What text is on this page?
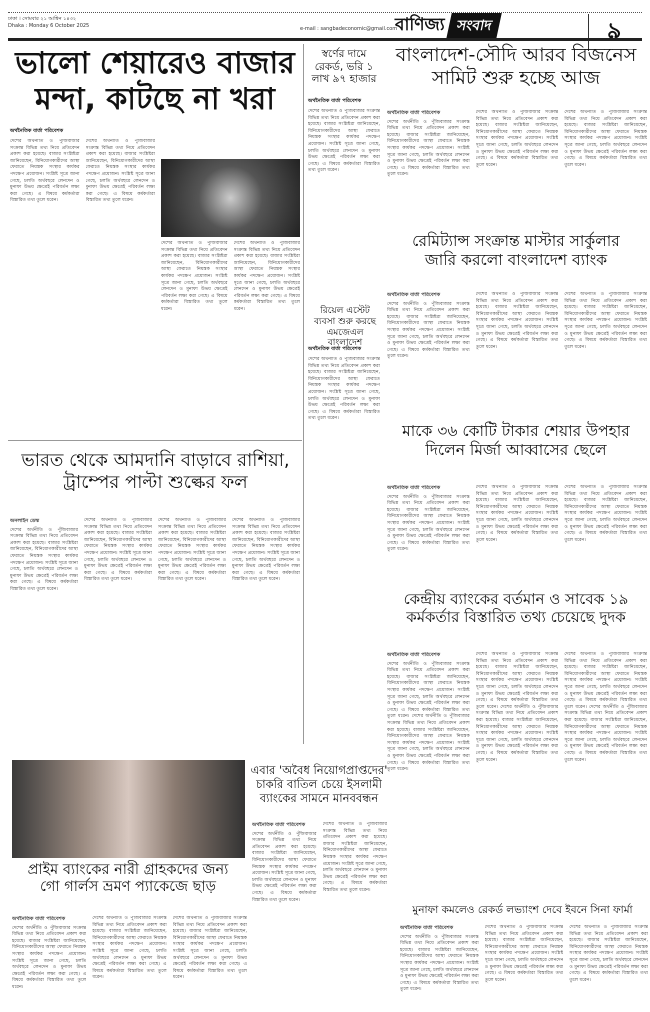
ঢাকা । সোমবার ২১ আশ্বিন ১৪৩২
Dhaka : Monday 6 October 2025	e-mail : sangbadeconomic@gmail.com
বাণিজ্য সংবাদ	৯
ভালো শেয়ারেও বাজার
মন্দা, কাটছে না খরা
অর্থনৈতিক বার্তা পরিবেশক
দেশের অর্থনীতি ও পুঁজিবাজার সংক্রান্ত বিভিন্ন তথ্য নিয়ে প্রতিবেদন প্রকাশ করা হয়েছে। বাজার সংশ্লিষ্টরা জানিয়েছেন, বিনিয়োগকারীদের আস্থা ফেরাতে নিয়ন্ত্রক সংস্থার কার্যকর পদক্ষেপ প্রয়োজন। সংশ্লিষ্ট সূত্রে জানা গেছে, চলতি অর্থবছরে লেনদেন ও মুনাফা উভয় ক্ষেত্রেই পরিবর্তন লক্ষ্য করা গেছে। এ বিষয়ে কর্মকর্তারা বিস্তারিত তথ্য তুলে ধরেন।
দেশের অর্থনীতি ও পুঁজিবাজার সংক্রান্ত বিভিন্ন তথ্য নিয়ে প্রতিবেদন প্রকাশ করা হয়েছে। বাজার সংশ্লিষ্টরা জানিয়েছেন, বিনিয়োগকারীদের আস্থা ফেরাতে নিয়ন্ত্রক সংস্থার কার্যকর পদক্ষেপ প্রয়োজন। সংশ্লিষ্ট সূত্রে জানা গেছে, চলতি অর্থবছরে লেনদেন ও মুনাফা উভয় ক্ষেত্রেই পরিবর্তন লক্ষ্য করা গেছে। এ বিষয়ে কর্মকর্তারা বিস্তারিত তথ্য তুলে ধরেন।
দেশের অর্থনীতি ও পুঁজিবাজার সংক্রান্ত বিভিন্ন তথ্য নিয়ে প্রতিবেদন প্রকাশ করা হয়েছে। বাজার সংশ্লিষ্টরা জানিয়েছেন, বিনিয়োগকারীদের আস্থা ফেরাতে নিয়ন্ত্রক সংস্থার কার্যকর পদক্ষেপ প্রয়োজন। সংশ্লিষ্ট সূত্রে জানা গেছে, চলতি অর্থবছরে লেনদেন ও মুনাফা উভয় ক্ষেত্রেই পরিবর্তন লক্ষ্য করা গেছে। এ বিষয়ে কর্মকর্তারা বিস্তারিত তথ্য তুলে ধরেন।
দেশের অর্থনীতি ও পুঁজিবাজার সংক্রান্ত বিভিন্ন তথ্য নিয়ে প্রতিবেদন প্রকাশ করা হয়েছে। বাজার সংশ্লিষ্টরা জানিয়েছেন, বিনিয়োগকারীদের আস্থা ফেরাতে নিয়ন্ত্রক সংস্থার কার্যকর পদক্ষেপ প্রয়োজন। সংশ্লিষ্ট সূত্রে জানা গেছে, চলতি অর্থবছরে লেনদেন ও মুনাফা উভয় ক্ষেত্রেই পরিবর্তন লক্ষ্য করা গেছে। এ বিষয়ে কর্মকর্তারা বিস্তারিত তথ্য তুলে ধরেন।
স্বর্ণের দামে রেকর্ড, ভরি ১ লাখ ৯৭ হাজার
অর্থনৈতিক বার্তা পরিবেশক
দেশের অর্থনীতি ও পুঁজিবাজার সংক্রান্ত বিভিন্ন তথ্য নিয়ে প্রতিবেদন প্রকাশ করা হয়েছে। বাজার সংশ্লিষ্টরা জানিয়েছেন, বিনিয়োগকারীদের আস্থা ফেরাতে নিয়ন্ত্রক সংস্থার কার্যকর পদক্ষেপ প্রয়োজন। সংশ্লিষ্ট সূত্রে জানা গেছে, চলতি অর্থবছরে লেনদেন ও মুনাফা উভয় ক্ষেত্রেই পরিবর্তন লক্ষ্য করা গেছে। এ বিষয়ে কর্মকর্তারা বিস্তারিত তথ্য তুলে ধরেন।
রিয়েল এস্টেট ব্যবসা শুরু করছে এমজেএল বাংলাদেশ
অর্থনৈতিক বার্তা পরিবেশক
দেশের অর্থনীতি ও পুঁজিবাজার সংক্রান্ত বিভিন্ন তথ্য নিয়ে প্রতিবেদন প্রকাশ করা হয়েছে। বাজার সংশ্লিষ্টরা জানিয়েছেন, বিনিয়োগকারীদের আস্থা ফেরাতে নিয়ন্ত্রক সংস্থার কার্যকর পদক্ষেপ প্রয়োজন। সংশ্লিষ্ট সূত্রে জানা গেছে, চলতি অর্থবছরে লেনদেন ও মুনাফা উভয় ক্ষেত্রেই পরিবর্তন লক্ষ্য করা গেছে। এ বিষয়ে কর্মকর্তারা বিস্তারিত তথ্য তুলে ধরেন।
বাংলাদেশ-সৌদি আরব বিজনেস
সামিট শুরু হচ্ছে আজ
অর্থনৈতিক বার্তা পরিবেশক
দেশের অর্থনীতি ও পুঁজিবাজার সংক্রান্ত বিভিন্ন তথ্য নিয়ে প্রতিবেদন প্রকাশ করা হয়েছে। বাজার সংশ্লিষ্টরা জানিয়েছেন, বিনিয়োগকারীদের আস্থা ফেরাতে নিয়ন্ত্রক সংস্থার কার্যকর পদক্ষেপ প্রয়োজন। সংশ্লিষ্ট সূত্রে জানা গেছে, চলতি অর্থবছরে লেনদেন ও মুনাফা উভয় ক্ষেত্রেই পরিবর্তন লক্ষ্য করা গেছে। এ বিষয়ে কর্মকর্তারা বিস্তারিত তথ্য তুলে ধরেন।
দেশের অর্থনীতি ও পুঁজিবাজার সংক্রান্ত বিভিন্ন তথ্য নিয়ে প্রতিবেদন প্রকাশ করা হয়েছে। বাজার সংশ্লিষ্টরা জানিয়েছেন, বিনিয়োগকারীদের আস্থা ফেরাতে নিয়ন্ত্রক সংস্থার কার্যকর পদক্ষেপ প্রয়োজন। সংশ্লিষ্ট সূত্রে জানা গেছে, চলতি অর্থবছরে লেনদেন ও মুনাফা উভয় ক্ষেত্রেই পরিবর্তন লক্ষ্য করা গেছে। এ বিষয়ে কর্মকর্তারা বিস্তারিত তথ্য তুলে ধরেন।
দেশের অর্থনীতি ও পুঁজিবাজার সংক্রান্ত বিভিন্ন তথ্য নিয়ে প্রতিবেদন প্রকাশ করা হয়েছে। বাজার সংশ্লিষ্টরা জানিয়েছেন, বিনিয়োগকারীদের আস্থা ফেরাতে নিয়ন্ত্রক সংস্থার কার্যকর পদক্ষেপ প্রয়োজন। সংশ্লিষ্ট সূত্রে জানা গেছে, চলতি অর্থবছরে লেনদেন ও মুনাফা উভয় ক্ষেত্রেই পরিবর্তন লক্ষ্য করা গেছে। এ বিষয়ে কর্মকর্তারা বিস্তারিত তথ্য তুলে ধরেন।
রেমিট্যান্স সংক্রান্ত মাস্টার সার্কুলার
জারি করলো বাংলাদেশ ব্যাংক
অর্থনৈতিক বার্তা পরিবেশক
দেশের অর্থনীতি ও পুঁজিবাজার সংক্রান্ত বিভিন্ন তথ্য নিয়ে প্রতিবেদন প্রকাশ করা হয়েছে। বাজার সংশ্লিষ্টরা জানিয়েছেন, বিনিয়োগকারীদের আস্থা ফেরাতে নিয়ন্ত্রক সংস্থার কার্যকর পদক্ষেপ প্রয়োজন। সংশ্লিষ্ট সূত্রে জানা গেছে, চলতি অর্থবছরে লেনদেন ও মুনাফা উভয় ক্ষেত্রেই পরিবর্তন লক্ষ্য করা গেছে। এ বিষয়ে কর্মকর্তারা বিস্তারিত তথ্য তুলে ধরেন।
দেশের অর্থনীতি ও পুঁজিবাজার সংক্রান্ত বিভিন্ন তথ্য নিয়ে প্রতিবেদন প্রকাশ করা হয়েছে। বাজার সংশ্লিষ্টরা জানিয়েছেন, বিনিয়োগকারীদের আস্থা ফেরাতে নিয়ন্ত্রক সংস্থার কার্যকর পদক্ষেপ প্রয়োজন। সংশ্লিষ্ট সূত্রে জানা গেছে, চলতি অর্থবছরে লেনদেন ও মুনাফা উভয় ক্ষেত্রেই পরিবর্তন লক্ষ্য করা গেছে। এ বিষয়ে কর্মকর্তারা বিস্তারিত তথ্য তুলে ধরেন।
দেশের অর্থনীতি ও পুঁজিবাজার সংক্রান্ত বিভিন্ন তথ্য নিয়ে প্রতিবেদন প্রকাশ করা হয়েছে। বাজার সংশ্লিষ্টরা জানিয়েছেন, বিনিয়োগকারীদের আস্থা ফেরাতে নিয়ন্ত্রক সংস্থার কার্যকর পদক্ষেপ প্রয়োজন। সংশ্লিষ্ট সূত্রে জানা গেছে, চলতি অর্থবছরে লেনদেন ও মুনাফা উভয় ক্ষেত্রেই পরিবর্তন লক্ষ্য করা গেছে। এ বিষয়ে কর্মকর্তারা বিস্তারিত তথ্য তুলে ধরেন।
মাকে ৩৬ কোটি টাকার শেয়ার উপহার
দিলেন মির্জা আব্বাসের ছেলে
অর্থনৈতিক বার্তা পরিবেশক
দেশের অর্থনীতি ও পুঁজিবাজার সংক্রান্ত বিভিন্ন তথ্য নিয়ে প্রতিবেদন প্রকাশ করা হয়েছে। বাজার সংশ্লিষ্টরা জানিয়েছেন, বিনিয়োগকারীদের আস্থা ফেরাতে নিয়ন্ত্রক সংস্থার কার্যকর পদক্ষেপ প্রয়োজন। সংশ্লিষ্ট সূত্রে জানা গেছে, চলতি অর্থবছরে লেনদেন ও মুনাফা উভয় ক্ষেত্রেই পরিবর্তন লক্ষ্য করা গেছে। এ বিষয়ে কর্মকর্তারা বিস্তারিত তথ্য তুলে ধরেন।
দেশের অর্থনীতি ও পুঁজিবাজার সংক্রান্ত বিভিন্ন তথ্য নিয়ে প্রতিবেদন প্রকাশ করা হয়েছে। বাজার সংশ্লিষ্টরা জানিয়েছেন, বিনিয়োগকারীদের আস্থা ফেরাতে নিয়ন্ত্রক সংস্থার কার্যকর পদক্ষেপ প্রয়োজন। সংশ্লিষ্ট সূত্রে জানা গেছে, চলতি অর্থবছরে লেনদেন ও মুনাফা উভয় ক্ষেত্রেই পরিবর্তন লক্ষ্য করা গেছে। এ বিষয়ে কর্মকর্তারা বিস্তারিত তথ্য তুলে ধরেন।
দেশের অর্থনীতি ও পুঁজিবাজার সংক্রান্ত বিভিন্ন তথ্য নিয়ে প্রতিবেদন প্রকাশ করা হয়েছে। বাজার সংশ্লিষ্টরা জানিয়েছেন, বিনিয়োগকারীদের আস্থা ফেরাতে নিয়ন্ত্রক সংস্থার কার্যকর পদক্ষেপ প্রয়োজন। সংশ্লিষ্ট সূত্রে জানা গেছে, চলতি অর্থবছরে লেনদেন ও মুনাফা উভয় ক্ষেত্রেই পরিবর্তন লক্ষ্য করা গেছে। এ বিষয়ে কর্মকর্তারা বিস্তারিত তথ্য তুলে ধরেন।
ভারত থেকে আমদানি বাড়াবে রাশিয়া,
ট্রাম্পের পাল্টা শুল্কের ফল
অনলাইন ডেস্ক
দেশের অর্থনীতি ও পুঁজিবাজার সংক্রান্ত বিভিন্ন তথ্য নিয়ে প্রতিবেদন প্রকাশ করা হয়েছে। বাজার সংশ্লিষ্টরা জানিয়েছেন, বিনিয়োগকারীদের আস্থা ফেরাতে নিয়ন্ত্রক সংস্থার কার্যকর পদক্ষেপ প্রয়োজন। সংশ্লিষ্ট সূত্রে জানা গেছে, চলতি অর্থবছরে লেনদেন ও মুনাফা উভয় ক্ষেত্রেই পরিবর্তন লক্ষ্য করা গেছে। এ বিষয়ে কর্মকর্তারা বিস্তারিত তথ্য তুলে ধরেন।
দেশের অর্থনীতি ও পুঁজিবাজার সংক্রান্ত বিভিন্ন তথ্য নিয়ে প্রতিবেদন প্রকাশ করা হয়েছে। বাজার সংশ্লিষ্টরা জানিয়েছেন, বিনিয়োগকারীদের আস্থা ফেরাতে নিয়ন্ত্রক সংস্থার কার্যকর পদক্ষেপ প্রয়োজন। সংশ্লিষ্ট সূত্রে জানা গেছে, চলতি অর্থবছরে লেনদেন ও মুনাফা উভয় ক্ষেত্রেই পরিবর্তন লক্ষ্য করা গেছে। এ বিষয়ে কর্মকর্তারা বিস্তারিত তথ্য তুলে ধরেন।
দেশের অর্থনীতি ও পুঁজিবাজার সংক্রান্ত বিভিন্ন তথ্য নিয়ে প্রতিবেদন প্রকাশ করা হয়েছে। বাজার সংশ্লিষ্টরা জানিয়েছেন, বিনিয়োগকারীদের আস্থা ফেরাতে নিয়ন্ত্রক সংস্থার কার্যকর পদক্ষেপ প্রয়োজন। সংশ্লিষ্ট সূত্রে জানা গেছে, চলতি অর্থবছরে লেনদেন ও মুনাফা উভয় ক্ষেত্রেই পরিবর্তন লক্ষ্য করা গেছে। এ বিষয়ে কর্মকর্তারা বিস্তারিত তথ্য তুলে ধরেন।
দেশের অর্থনীতি ও পুঁজিবাজার সংক্রান্ত বিভিন্ন তথ্য নিয়ে প্রতিবেদন প্রকাশ করা হয়েছে। বাজার সংশ্লিষ্টরা জানিয়েছেন, বিনিয়োগকারীদের আস্থা ফেরাতে নিয়ন্ত্রক সংস্থার কার্যকর পদক্ষেপ প্রয়োজন। সংশ্লিষ্ট সূত্রে জানা গেছে, চলতি অর্থবছরে লেনদেন ও মুনাফা উভয় ক্ষেত্রেই পরিবর্তন লক্ষ্য করা গেছে। এ বিষয়ে কর্মকর্তারা বিস্তারিত তথ্য তুলে ধরেন।
কেন্দ্রীয় ব্যাংকের বর্তমান ও সাবেক ১৯
কর্মকর্তার বিস্তারিত তথ্য চেয়েছে দুদক
অর্থনৈতিক বার্তা পরিবেশক
দেশের অর্থনীতি ও পুঁজিবাজার সংক্রান্ত বিভিন্ন তথ্য নিয়ে প্রতিবেদন প্রকাশ করা হয়েছে। বাজার সংশ্লিষ্টরা জানিয়েছেন, বিনিয়োগকারীদের আস্থা ফেরাতে নিয়ন্ত্রক সংস্থার কার্যকর পদক্ষেপ প্রয়োজন। সংশ্লিষ্ট সূত্রে জানা গেছে, চলতি অর্থবছরে লেনদেন ও মুনাফা উভয় ক্ষেত্রেই পরিবর্তন লক্ষ্য করা গেছে। এ বিষয়ে কর্মকর্তারা বিস্তারিত তথ্য তুলে ধরেন। দেশের অর্থনীতি ও পুঁজিবাজার সংক্রান্ত বিভিন্ন তথ্য নিয়ে প্রতিবেদন প্রকাশ করা হয়েছে। বাজার সংশ্লিষ্টরা জানিয়েছেন, বিনিয়োগকারীদের আস্থা ফেরাতে নিয়ন্ত্রক সংস্থার কার্যকর পদক্ষেপ প্রয়োজন। সংশ্লিষ্ট সূত্রে জানা গেছে, চলতি অর্থবছরে লেনদেন ও মুনাফা উভয় ক্ষেত্রেই পরিবর্তন লক্ষ্য করা গেছে। এ বিষয়ে কর্মকর্তারা বিস্তারিত তথ্য তুলে ধরেন।
দেশের অর্থনীতি ও পুঁজিবাজার সংক্রান্ত বিভিন্ন তথ্য নিয়ে প্রতিবেদন প্রকাশ করা হয়েছে। বাজার সংশ্লিষ্টরা জানিয়েছেন, বিনিয়োগকারীদের আস্থা ফেরাতে নিয়ন্ত্রক সংস্থার কার্যকর পদক্ষেপ প্রয়োজন। সংশ্লিষ্ট সূত্রে জানা গেছে, চলতি অর্থবছরে লেনদেন ও মুনাফা উভয় ক্ষেত্রেই পরিবর্তন লক্ষ্য করা গেছে। এ বিষয়ে কর্মকর্তারা বিস্তারিত তথ্য তুলে ধরেন। দেশের অর্থনীতি ও পুঁজিবাজার সংক্রান্ত বিভিন্ন তথ্য নিয়ে প্রতিবেদন প্রকাশ করা হয়েছে। বাজার সংশ্লিষ্টরা জানিয়েছেন, বিনিয়োগকারীদের আস্থা ফেরাতে নিয়ন্ত্রক সংস্থার কার্যকর পদক্ষেপ প্রয়োজন। সংশ্লিষ্ট সূত্রে জানা গেছে, চলতি অর্থবছরে লেনদেন ও মুনাফা উভয় ক্ষেত্রেই পরিবর্তন লক্ষ্য করা গেছে। এ বিষয়ে কর্মকর্তারা বিস্তারিত তথ্য তুলে ধরেন।
দেশের অর্থনীতি ও পুঁজিবাজার সংক্রান্ত বিভিন্ন তথ্য নিয়ে প্রতিবেদন প্রকাশ করা হয়েছে। বাজার সংশ্লিষ্টরা জানিয়েছেন, বিনিয়োগকারীদের আস্থা ফেরাতে নিয়ন্ত্রক সংস্থার কার্যকর পদক্ষেপ প্রয়োজন। সংশ্লিষ্ট সূত্রে জানা গেছে, চলতি অর্থবছরে লেনদেন ও মুনাফা উভয় ক্ষেত্রেই পরিবর্তন লক্ষ্য করা গেছে। এ বিষয়ে কর্মকর্তারা বিস্তারিত তথ্য তুলে ধরেন। দেশের অর্থনীতি ও পুঁজিবাজার সংক্রান্ত বিভিন্ন তথ্য নিয়ে প্রতিবেদন প্রকাশ করা হয়েছে। বাজার সংশ্লিষ্টরা জানিয়েছেন, বিনিয়োগকারীদের আস্থা ফেরাতে নিয়ন্ত্রক সংস্থার কার্যকর পদক্ষেপ প্রয়োজন। সংশ্লিষ্ট সূত্রে জানা গেছে, চলতি অর্থবছরে লেনদেন ও মুনাফা উভয় ক্ষেত্রেই পরিবর্তন লক্ষ্য করা গেছে। এ বিষয়ে কর্মকর্তারা বিস্তারিত তথ্য তুলে ধরেন।
প্রাইম ব্যাংকের নারী গ্রাহকদের জন্য
গো গার্লস ভ্রমণ প্যাকেজে ছাড়
অর্থনৈতিক বার্তা পরিবেশক
দেশের অর্থনীতি ও পুঁজিবাজার সংক্রান্ত বিভিন্ন তথ্য নিয়ে প্রতিবেদন প্রকাশ করা হয়েছে। বাজার সংশ্লিষ্টরা জানিয়েছেন, বিনিয়োগকারীদের আস্থা ফেরাতে নিয়ন্ত্রক সংস্থার কার্যকর পদক্ষেপ প্রয়োজন। সংশ্লিষ্ট সূত্রে জানা গেছে, চলতি অর্থবছরে লেনদেন ও মুনাফা উভয় ক্ষেত্রেই পরিবর্তন লক্ষ্য করা গেছে। এ বিষয়ে কর্মকর্তারা বিস্তারিত তথ্য তুলে ধরেন।
দেশের অর্থনীতি ও পুঁজিবাজার সংক্রান্ত বিভিন্ন তথ্য নিয়ে প্রতিবেদন প্রকাশ করা হয়েছে। বাজার সংশ্লিষ্টরা জানিয়েছেন, বিনিয়োগকারীদের আস্থা ফেরাতে নিয়ন্ত্রক সংস্থার কার্যকর পদক্ষেপ প্রয়োজন। সংশ্লিষ্ট সূত্রে জানা গেছে, চলতি অর্থবছরে লেনদেন ও মুনাফা উভয় ক্ষেত্রেই পরিবর্তন লক্ষ্য করা গেছে। এ বিষয়ে কর্মকর্তারা বিস্তারিত তথ্য তুলে ধরেন।
দেশের অর্থনীতি ও পুঁজিবাজার সংক্রান্ত বিভিন্ন তথ্য নিয়ে প্রতিবেদন প্রকাশ করা হয়েছে। বাজার সংশ্লিষ্টরা জানিয়েছেন, বিনিয়োগকারীদের আস্থা ফেরাতে নিয়ন্ত্রক সংস্থার কার্যকর পদক্ষেপ প্রয়োজন। সংশ্লিষ্ট সূত্রে জানা গেছে, চলতি অর্থবছরে লেনদেন ও মুনাফা উভয় ক্ষেত্রেই পরিবর্তন লক্ষ্য করা গেছে। এ বিষয়ে কর্মকর্তারা বিস্তারিত তথ্য তুলে ধরেন।
এবার 'অবৈধ নিয়োগপ্রাপ্তদের' চাকরি বাতিল চেয়ে ইসলামী ব্যাংকের সামনে মানববন্ধন
অর্থনৈতিক বার্তা পরিবেশক
দেশের অর্থনীতি ও পুঁজিবাজার সংক্রান্ত বিভিন্ন তথ্য নিয়ে প্রতিবেদন প্রকাশ করা হয়েছে। বাজার সংশ্লিষ্টরা জানিয়েছেন, বিনিয়োগকারীদের আস্থা ফেরাতে নিয়ন্ত্রক সংস্থার কার্যকর পদক্ষেপ প্রয়োজন। সংশ্লিষ্ট সূত্রে জানা গেছে, চলতি অর্থবছরে লেনদেন ও মুনাফা উভয় ক্ষেত্রেই পরিবর্তন লক্ষ্য করা গেছে। এ বিষয়ে কর্মকর্তারা বিস্তারিত তথ্য তুলে ধরেন।
দেশের অর্থনীতি ও পুঁজিবাজার সংক্রান্ত বিভিন্ন তথ্য নিয়ে প্রতিবেদন প্রকাশ করা হয়েছে। বাজার সংশ্লিষ্টরা জানিয়েছেন, বিনিয়োগকারীদের আস্থা ফেরাতে নিয়ন্ত্রক সংস্থার কার্যকর পদক্ষেপ প্রয়োজন। সংশ্লিষ্ট সূত্রে জানা গেছে, চলতি অর্থবছরে লেনদেন ও মুনাফা উভয় ক্ষেত্রেই পরিবর্তন লক্ষ্য করা গেছে। এ বিষয়ে কর্মকর্তারা বিস্তারিত তথ্য তুলে ধরেন।
মুনাফা কমলেও রেকর্ড লভ্যাংশ দেবে ইবনে সিনা ফার্মা
অর্থনৈতিক বার্তা পরিবেশক
দেশের অর্থনীতি ও পুঁজিবাজার সংক্রান্ত বিভিন্ন তথ্য নিয়ে প্রতিবেদন প্রকাশ করা হয়েছে। বাজার সংশ্লিষ্টরা জানিয়েছেন, বিনিয়োগকারীদের আস্থা ফেরাতে নিয়ন্ত্রক সংস্থার কার্যকর পদক্ষেপ প্রয়োজন। সংশ্লিষ্ট সূত্রে জানা গেছে, চলতি অর্থবছরে লেনদেন ও মুনাফা উভয় ক্ষেত্রেই পরিবর্তন লক্ষ্য করা গেছে। এ বিষয়ে কর্মকর্তারা বিস্তারিত তথ্য তুলে ধরেন।
দেশের অর্থনীতি ও পুঁজিবাজার সংক্রান্ত বিভিন্ন তথ্য নিয়ে প্রতিবেদন প্রকাশ করা হয়েছে। বাজার সংশ্লিষ্টরা জানিয়েছেন, বিনিয়োগকারীদের আস্থা ফেরাতে নিয়ন্ত্রক সংস্থার কার্যকর পদক্ষেপ প্রয়োজন। সংশ্লিষ্ট সূত্রে জানা গেছে, চলতি অর্থবছরে লেনদেন ও মুনাফা উভয় ক্ষেত্রেই পরিবর্তন লক্ষ্য করা গেছে। এ বিষয়ে কর্মকর্তারা বিস্তারিত তথ্য তুলে ধরেন।
দেশের অর্থনীতি ও পুঁজিবাজার সংক্রান্ত বিভিন্ন তথ্য নিয়ে প্রতিবেদন প্রকাশ করা হয়েছে। বাজার সংশ্লিষ্টরা জানিয়েছেন, বিনিয়োগকারীদের আস্থা ফেরাতে নিয়ন্ত্রক সংস্থার কার্যকর পদক্ষেপ প্রয়োজন। সংশ্লিষ্ট সূত্রে জানা গেছে, চলতি অর্থবছরে লেনদেন ও মুনাফা উভয় ক্ষেত্রেই পরিবর্তন লক্ষ্য করা গেছে। এ বিষয়ে কর্মকর্তারা বিস্তারিত তথ্য তুলে ধরেন।
